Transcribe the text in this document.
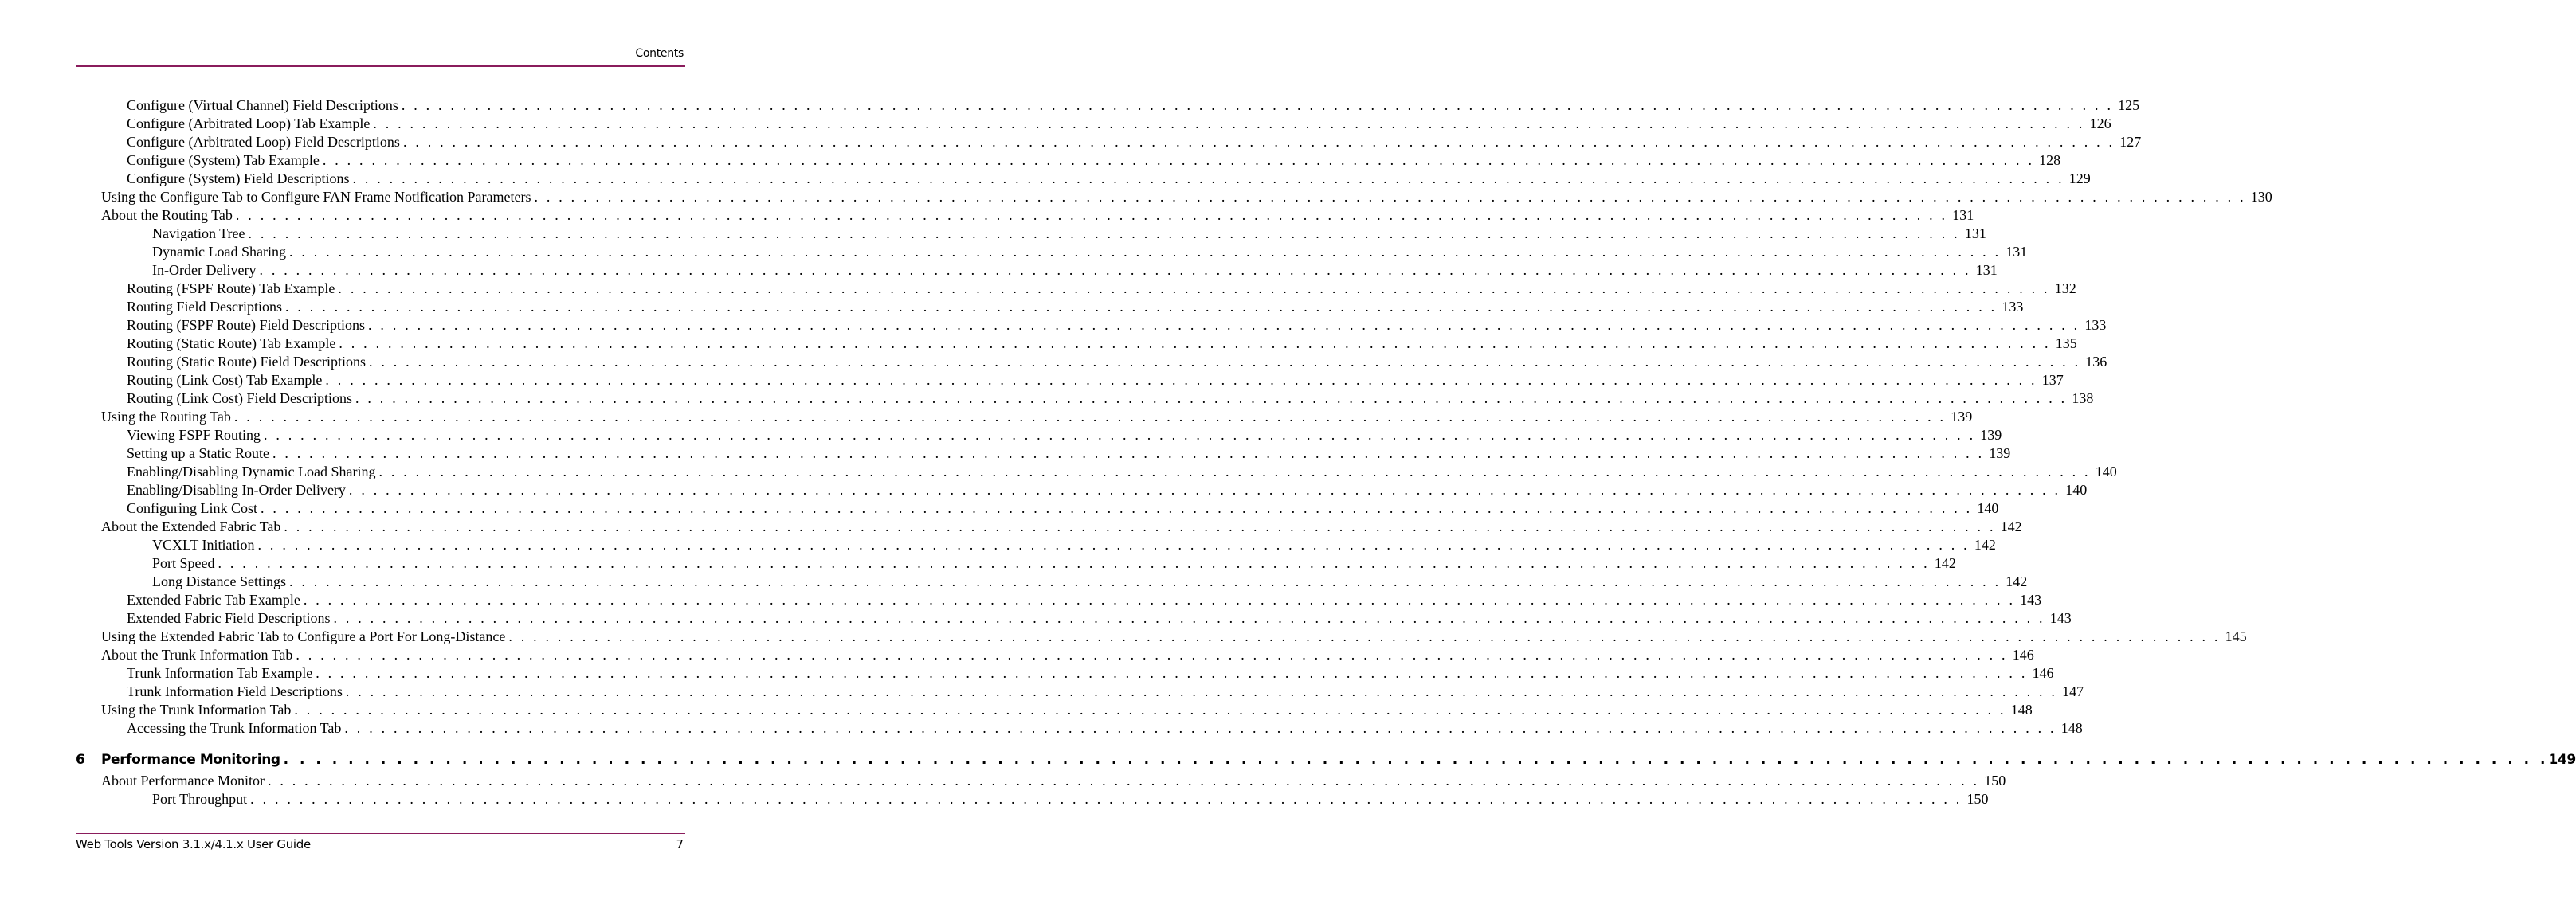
Contents
Configure (Virtual Channel) Field Descriptions . . . . . . . . . . . . . . . . . . . . . . . . . . . . . . . . . . . . . . . . . . . . . . . . . . . . . . . . . . . . . . . . . . . . . . . . . . . . . . . . . . . . . . . . . . . . . . . . . . . . . . . . . . . . . . . . . . . . . . . . . . . . . . . . . . . . . . . . . . . . 125
Configure (Arbitrated Loop) Tab Example . . . . . . . . . . . . . . . . . . . . . . . . . . . . . . . . . . . . . . . . . . . . . . . . . . . . . . . . . . . . . . . . . . . . . . . . . . . . . . . . . . . . . . . . . . . . . . . . . . . . . . . . . . . . . . . . . . . . . . . . . . . . . . . . . . . . . . . . . . . . 126
Configure (Arbitrated Loop) Field Descriptions . . . . . . . . . . . . . . . . . . . . . . . . . . . . . . . . . . . . . . . . . . . . . . . . . . . . . . . . . . . . . . . . . . . . . . . . . . . . . . . . . . . . . . . . . . . . . . . . . . . . . . . . . . . . . . . . . . . . . . . . . . . . . . . . . . . . . . . . . . . . 127
Configure (System) Tab Example . . . . . . . . . . . . . . . . . . . . . . . . . . . . . . . . . . . . . . . . . . . . . . . . . . . . . . . . . . . . . . . . . . . . . . . . . . . . . . . . . . . . . . . . . . . . . . . . . . . . . . . . . . . . . . . . . . . . . . . . . . . . . . . . . . . . . . . . . . . . 128
Configure (System) Field Descriptions . . . . . . . . . . . . . . . . . . . . . . . . . . . . . . . . . . . . . . . . . . . . . . . . . . . . . . . . . . . . . . . . . . . . . . . . . . . . . . . . . . . . . . . . . . . . . . . . . . . . . . . . . . . . . . . . . . . . . . . . . . . . . . . . . . . . . . . . . . . . 129
Using the Configure Tab to Configure FAN Frame Notification Parameters . . . . . . . . . . . . . . . . . . . . . . . . . . . . . . . . . . . . . . . . . . . . . . . . . . . . . . . . . . . . . . . . . . . . . . . . . . . . . . . . . . . . . . . . . . . . . . . . . . . . . . . . . . . . . . . . . . . . . . . . . . . . . . . . . . . . . . . . . . . . 130
About the Routing Tab . . . . . . . . . . . . . . . . . . . . . . . . . . . . . . . . . . . . . . . . . . . . . . . . . . . . . . . . . . . . . . . . . . . . . . . . . . . . . . . . . . . . . . . . . . . . . . . . . . . . . . . . . . . . . . . . . . . . . . . . . . . . . . . . . . . . . . . . . . . . 131
Navigation Tree . . . . . . . . . . . . . . . . . . . . . . . . . . . . . . . . . . . . . . . . . . . . . . . . . . . . . . . . . . . . . . . . . . . . . . . . . . . . . . . . . . . . . . . . . . . . . . . . . . . . . . . . . . . . . . . . . . . . . . . . . . . . . . . . . . . . . . . . . . . . 131
Dynamic Load Sharing . . . . . . . . . . . . . . . . . . . . . . . . . . . . . . . . . . . . . . . . . . . . . . . . . . . . . . . . . . . . . . . . . . . . . . . . . . . . . . . . . . . . . . . . . . . . . . . . . . . . . . . . . . . . . . . . . . . . . . . . . . . . . . . . . . . . . . . . . . . . 131
In-Order Delivery . . . . . . . . . . . . . . . . . . . . . . . . . . . . . . . . . . . . . . . . . . . . . . . . . . . . . . . . . . . . . . . . . . . . . . . . . . . . . . . . . . . . . . . . . . . . . . . . . . . . . . . . . . . . . . . . . . . . . . . . . . . . . . . . . . . . . . . . . . . . 131
Routing (FSPF Route) Tab Example . . . . . . . . . . . . . . . . . . . . . . . . . . . . . . . . . . . . . . . . . . . . . . . . . . . . . . . . . . . . . . . . . . . . . . . . . . . . . . . . . . . . . . . . . . . . . . . . . . . . . . . . . . . . . . . . . . . . . . . . . . . . . . . . . . . . . . . . . . . . 132
Routing Field Descriptions . . . . . . . . . . . . . . . . . . . . . . . . . . . . . . . . . . . . . . . . . . . . . . . . . . . . . . . . . . . . . . . . . . . . . . . . . . . . . . . . . . . . . . . . . . . . . . . . . . . . . . . . . . . . . . . . . . . . . . . . . . . . . . . . . . . . . . . . . . . . 133
Routing (FSPF Route) Field Descriptions . . . . . . . . . . . . . . . . . . . . . . . . . . . . . . . . . . . . . . . . . . . . . . . . . . . . . . . . . . . . . . . . . . . . . . . . . . . . . . . . . . . . . . . . . . . . . . . . . . . . . . . . . . . . . . . . . . . . . . . . . . . . . . . . . . . . . . . . . . . . 133
Routing (Static Route) Tab Example . . . . . . . . . . . . . . . . . . . . . . . . . . . . . . . . . . . . . . . . . . . . . . . . . . . . . . . . . . . . . . . . . . . . . . . . . . . . . . . . . . . . . . . . . . . . . . . . . . . . . . . . . . . . . . . . . . . . . . . . . . . . . . . . . . . . . . . . . . . . 135
Routing (Static Route) Field Descriptions . . . . . . . . . . . . . . . . . . . . . . . . . . . . . . . . . . . . . . . . . . . . . . . . . . . . . . . . . . . . . . . . . . . . . . . . . . . . . . . . . . . . . . . . . . . . . . . . . . . . . . . . . . . . . . . . . . . . . . . . . . . . . . . . . . . . . . . . . . . . 136
Routing (Link Cost) Tab Example . . . . . . . . . . . . . . . . . . . . . . . . . . . . . . . . . . . . . . . . . . . . . . . . . . . . . . . . . . . . . . . . . . . . . . . . . . . . . . . . . . . . . . . . . . . . . . . . . . . . . . . . . . . . . . . . . . . . . . . . . . . . . . . . . . . . . . . . . . . . 137
Routing (Link Cost) Field Descriptions . . . . . . . . . . . . . . . . . . . . . . . . . . . . . . . . . . . . . . . . . . . . . . . . . . . . . . . . . . . . . . . . . . . . . . . . . . . . . . . . . . . . . . . . . . . . . . . . . . . . . . . . . . . . . . . . . . . . . . . . . . . . . . . . . . . . . . . . . . . . 138
Using the Routing Tab . . . . . . . . . . . . . . . . . . . . . . . . . . . . . . . . . . . . . . . . . . . . . . . . . . . . . . . . . . . . . . . . . . . . . . . . . . . . . . . . . . . . . . . . . . . . . . . . . . . . . . . . . . . . . . . . . . . . . . . . . . . . . . . . . . . . . . . . . . . . 139
Viewing FSPF Routing . . . . . . . . . . . . . . . . . . . . . . . . . . . . . . . . . . . . . . . . . . . . . . . . . . . . . . . . . . . . . . . . . . . . . . . . . . . . . . . . . . . . . . . . . . . . . . . . . . . . . . . . . . . . . . . . . . . . . . . . . . . . . . . . . . . . . . . . . . . . 139
Setting up a Static Route . . . . . . . . . . . . . . . . . . . . . . . . . . . . . . . . . . . . . . . . . . . . . . . . . . . . . . . . . . . . . . . . . . . . . . . . . . . . . . . . . . . . . . . . . . . . . . . . . . . . . . . . . . . . . . . . . . . . . . . . . . . . . . . . . . . . . . . . . . . . 139
Enabling/Disabling Dynamic Load Sharing . . . . . . . . . . . . . . . . . . . . . . . . . . . . . . . . . . . . . . . . . . . . . . . . . . . . . . . . . . . . . . . . . . . . . . . . . . . . . . . . . . . . . . . . . . . . . . . . . . . . . . . . . . . . . . . . . . . . . . . . . . . . . . . . . . . . . . . . . . . . 140
Enabling/Disabling In-Order Delivery . . . . . . . . . . . . . . . . . . . . . . . . . . . . . . . . . . . . . . . . . . . . . . . . . . . . . . . . . . . . . . . . . . . . . . . . . . . . . . . . . . . . . . . . . . . . . . . . . . . . . . . . . . . . . . . . . . . . . . . . . . . . . . . . . . . . . . . . . . . . 140
Configuring Link Cost . . . . . . . . . . . . . . . . . . . . . . . . . . . . . . . . . . . . . . . . . . . . . . . . . . . . . . . . . . . . . . . . . . . . . . . . . . . . . . . . . . . . . . . . . . . . . . . . . . . . . . . . . . . . . . . . . . . . . . . . . . . . . . . . . . . . . . . . . . . . 140
About the Extended Fabric Tab . . . . . . . . . . . . . . . . . . . . . . . . . . . . . . . . . . . . . . . . . . . . . . . . . . . . . . . . . . . . . . . . . . . . . . . . . . . . . . . . . . . . . . . . . . . . . . . . . . . . . . . . . . . . . . . . . . . . . . . . . . . . . . . . . . . . . . . . . . . . 142
VCXLT Initiation . . . . . . . . . . . . . . . . . . . . . . . . . . . . . . . . . . . . . . . . . . . . . . . . . . . . . . . . . . . . . . . . . . . . . . . . . . . . . . . . . . . . . . . . . . . . . . . . . . . . . . . . . . . . . . . . . . . . . . . . . . . . . . . . . . . . . . . . . . . . 142
Port Speed . . . . . . . . . . . . . . . . . . . . . . . . . . . . . . . . . . . . . . . . . . . . . . . . . . . . . . . . . . . . . . . . . . . . . . . . . . . . . . . . . . . . . . . . . . . . . . . . . . . . . . . . . . . . . . . . . . . . . . . . . . . . . . . . . . . . . . . . . . . . 142
Long Distance Settings . . . . . . . . . . . . . . . . . . . . . . . . . . . . . . . . . . . . . . . . . . . . . . . . . . . . . . . . . . . . . . . . . . . . . . . . . . . . . . . . . . . . . . . . . . . . . . . . . . . . . . . . . . . . . . . . . . . . . . . . . . . . . . . . . . . . . . . . . . . . 142
Extended Fabric Tab Example . . . . . . . . . . . . . . . . . . . . . . . . . . . . . . . . . . . . . . . . . . . . . . . . . . . . . . . . . . . . . . . . . . . . . . . . . . . . . . . . . . . . . . . . . . . . . . . . . . . . . . . . . . . . . . . . . . . . . . . . . . . . . . . . . . . . . . . . . . . . 143
Extended Fabric Field Descriptions . . . . . . . . . . . . . . . . . . . . . . . . . . . . . . . . . . . . . . . . . . . . . . . . . . . . . . . . . . . . . . . . . . . . . . . . . . . . . . . . . . . . . . . . . . . . . . . . . . . . . . . . . . . . . . . . . . . . . . . . . . . . . . . . . . . . . . . . . . . . 143
Using the Extended Fabric Tab to Configure a Port For Long-Distance . . . . . . . . . . . . . . . . . . . . . . . . . . . . . . . . . . . . . . . . . . . . . . . . . . . . . . . . . . . . . . . . . . . . . . . . . . . . . . . . . . . . . . . . . . . . . . . . . . . . . . . . . . . . . . . . . . . . . . . . . . . . . . . . . . . . . . . . . . . . 145
About the Trunk Information Tab . . . . . . . . . . . . . . . . . . . . . . . . . . . . . . . . . . . . . . . . . . . . . . . . . . . . . . . . . . . . . . . . . . . . . . . . . . . . . . . . . . . . . . . . . . . . . . . . . . . . . . . . . . . . . . . . . . . . . . . . . . . . . . . . . . . . . . . . . . . . 146
Trunk Information Tab Example . . . . . . . . . . . . . . . . . . . . . . . . . . . . . . . . . . . . . . . . . . . . . . . . . . . . . . . . . . . . . . . . . . . . . . . . . . . . . . . . . . . . . . . . . . . . . . . . . . . . . . . . . . . . . . . . . . . . . . . . . . . . . . . . . . . . . . . . . . . . 146
Trunk Information Field Descriptions . . . . . . . . . . . . . . . . . . . . . . . . . . . . . . . . . . . . . . . . . . . . . . . . . . . . . . . . . . . . . . . . . . . . . . . . . . . . . . . . . . . . . . . . . . . . . . . . . . . . . . . . . . . . . . . . . . . . . . . . . . . . . . . . . . . . . . . . . . . . 147
Using the Trunk Information Tab . . . . . . . . . . . . . . . . . . . . . . . . . . . . . . . . . . . . . . . . . . . . . . . . . . . . . . . . . . . . . . . . . . . . . . . . . . . . . . . . . . . . . . . . . . . . . . . . . . . . . . . . . . . . . . . . . . . . . . . . . . . . . . . . . . . . . . . . . . . . 148
Accessing the Trunk Information Tab . . . . . . . . . . . . . . . . . . . . . . . . . . . . . . . . . . . . . . . . . . . . . . . . . . . . . . . . . . . . . . . . . . . . . . . . . . . . . . . . . . . . . . . . . . . . . . . . . . . . . . . . . . . . . . . . . . . . . . . . . . . . . . . . . . . . . . . . . . . . 148
About Performance Monitor . . . . . . . . . . . . . . . . . . . . . . . . . . . . . . . . . . . . . . . . . . . . . . . . . . . . . . . . . . . . . . . . . . . . . . . . . . . . . . . . . . . . . . . . . . . . . . . . . . . . . . . . . . . . . . . . . . . . . . . . . . . . . . . . . . . . . . . . . . . . 150
Port Throughput . . . . . . . . . . . . . . . . . . . . . . . . . . . . . . . . . . . . . . . . . . . . . . . . . . . . . . . . . . . . . . . . . . . . . . . . . . . . . . . . . . . . . . . . . . . . . . . . . . . . . . . . . . . . . . . . . . . . . . . . . . . . . . . . . . . . . . . . . . . . 150
6	Performance Monitoring . . . . . . . . . . . . . . . . . . . . . . . . . . . . . . . . . . . . . . . . . . . . . . . . . . . . . . . . . . . . . . . . . . . . . . . . . . . . . . . . . . . . . . . . . . . . . . . . . . . . . . . . . . . . . . . . . . . . . . . . . . . . . . . . . . . . . . . . . . . . 149
Web Tools Version 3.1.x/4.1.x User Guide	7
